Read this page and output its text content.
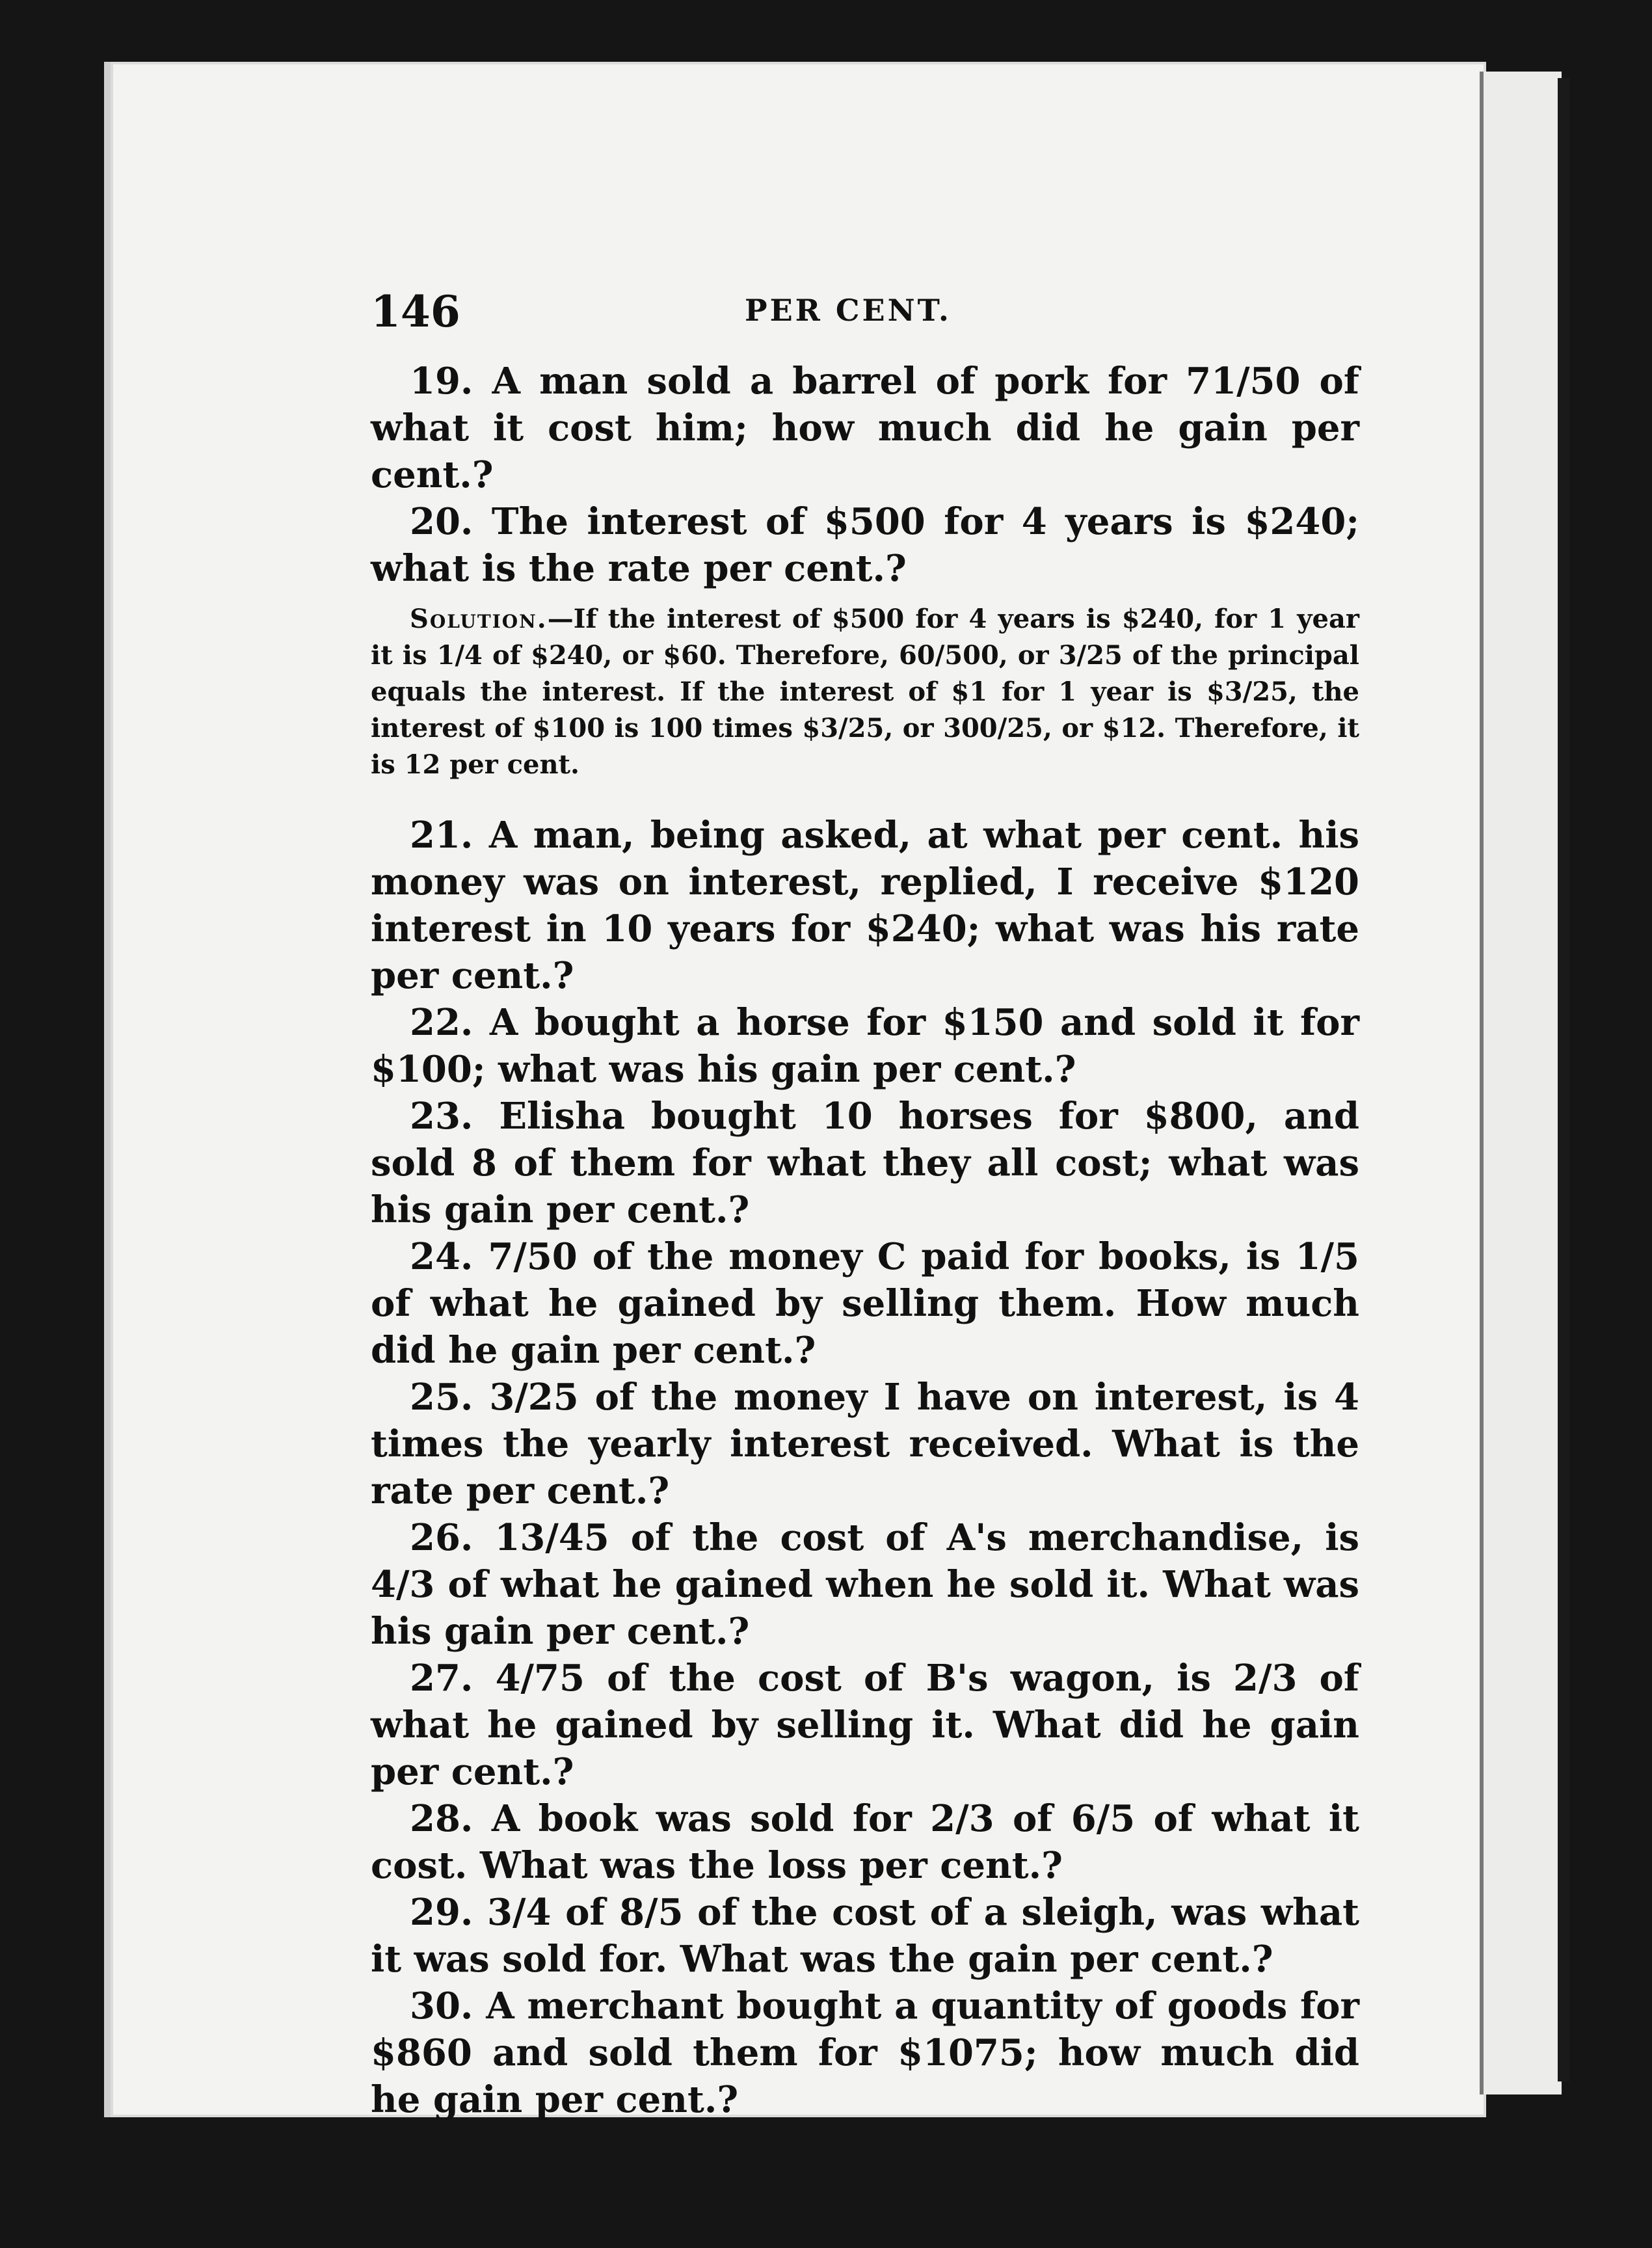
146	PER CENT.

19. A man sold a barrel of pork for 71/50 of what it cost him; how much did he gain per cent.?

20. The interest of $500 for 4 years is $240; what is the rate per cent.?

Solution.—If the interest of $500 for 4 years is $240, for 1 year it is 1/4 of $240, or $60. Therefore, 60/500, or 3/25 of the principal equals the interest. If the interest of $1 for 1 year is $3/25, the interest of $100 is 100 times $3/25, or 300/25, or $12. Therefore, it is 12 per cent.

21. A man, being asked, at what per cent. his money was on interest, replied, I receive $120 interest in 10 years for $240; what was his rate per cent.?

22. A bought a horse for $150 and sold it for $100; what was his gain per cent.?

23. Elisha bought 10 horses for $800, and sold 8 of them for what they all cost; what was his gain per cent.?

24. 7/50 of the money C paid for books, is 1/5 of what he gained by selling them. How much did he gain per cent.?

25. 3/25 of the money I have on interest, is 4 times the yearly interest received. What is the rate per cent.?

26. 13/45 of the cost of A's merchandise, is 4/3 of what he gained when he sold it. What was his gain per cent.?

27. 4/75 of the cost of B's wagon, is 2/3 of what he gained by selling it. What did he gain per cent.?

28. A book was sold for 2/3 of 6/5 of what it cost. What was the loss per cent.?

29. 3/4 of 8/5 of the cost of a sleigh, was what it was sold for. What was the gain per cent.?

30. A merchant bought a quantity of goods for $860 and sold them for $1075; how much did he gain per cent.?
